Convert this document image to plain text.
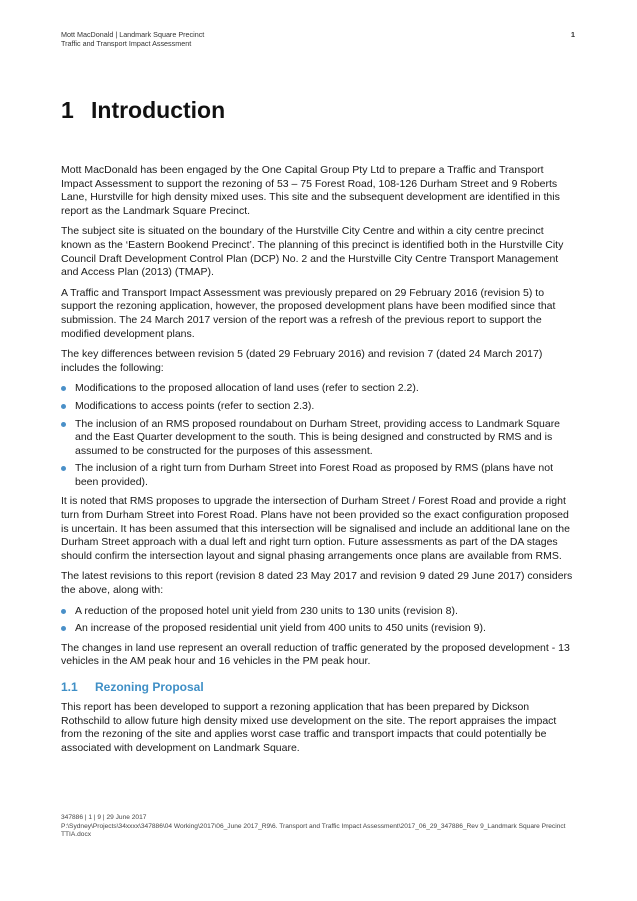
Mott MacDonald | Landmark Square Precinct
Traffic and Transport Impact Assessment
1
1 Introduction

Mott MacDonald has been engaged by the One Capital Group Pty Ltd to prepare a Traffic and Transport Impact Assessment to support the rezoning of 53 – 75 Forest Road, 108-126 Durham Street and 9 Roberts Lane, Hurstville for high density mixed uses. This site and the subsequent development are identified in this report as the Landmark Square Precinct.

The subject site is situated on the boundary of the Hurstville City Centre and within a city centre precinct known as the ‘Eastern Bookend Precinct’. The planning of this precinct is identified both in the Hurstville City Council Draft Development Control Plan (DCP) No. 2 and the Hurstville City Centre Transport Management and Access Plan (2013) (TMAP).

A Traffic and Transport Impact Assessment was previously prepared on 29 February 2016 (revision 5) to support the rezoning application, however, the proposed development plans have been modified since that submission. The 24 March 2017 version of the report was a refresh of the previous report to support the modified development plans.

The key differences between revision 5 (dated 29 February 2016) and revision 7 (dated 24 March 2017) includes the following:

Modifications to the proposed allocation of land uses (refer to section 2.2).
Modifications to access points (refer to section 2.3).
The inclusion of an RMS proposed roundabout on Durham Street, providing access to Landmark Square and the East Quarter development to the south. This is being designed and constructed by RMS and is assumed to be constructed for the purposes of this assessment.
The inclusion of a right turn from Durham Street into Forest Road as proposed by RMS (plans have not been provided).

It is noted that RMS proposes to upgrade the intersection of Durham Street / Forest Road and provide a right turn from Durham Street into Forest Road. Plans have not been provided so the exact configuration proposed is uncertain. It has been assumed that this intersection will be signalised and include an additional lane on the Durham Street approach with a dual left and right turn option. Future assessments as part of the DA stages should confirm the intersection layout and signal phasing arrangements once plans are available from RMS.

The latest revisions to this report (revision 8 dated 23 May 2017 and revision 9 dated 29 June 2017) considers the above, along with:

A reduction of the proposed hotel unit yield from 230 units to 130 units (revision 8).
An increase of the proposed residential unit yield from 400 units to 450 units (revision 9).

The changes in land use represent an overall reduction of traffic generated by the proposed development - 13 vehicles in the AM peak hour and 16 vehicles in the PM peak hour.

1.1 Rezoning Proposal

This report has been developed to support a rezoning application that has been prepared by Dickson Rothschild to allow future high density mixed use development on the site. The report appraises the impact from the rezoning of the site and applies worst case traffic and transport impacts that could potentially be associated with development on Landmark Square.

347886 | 1 | 9 | 29 June 2017
P:\Sydney\Projects\34xxxx\347886\04 Working\2017\06_June 2017_R9\6. Transport and Traffic Impact Assessment\2017_06_29_347886_Rev 9_Landmark Square Precinct TTIA.docx
